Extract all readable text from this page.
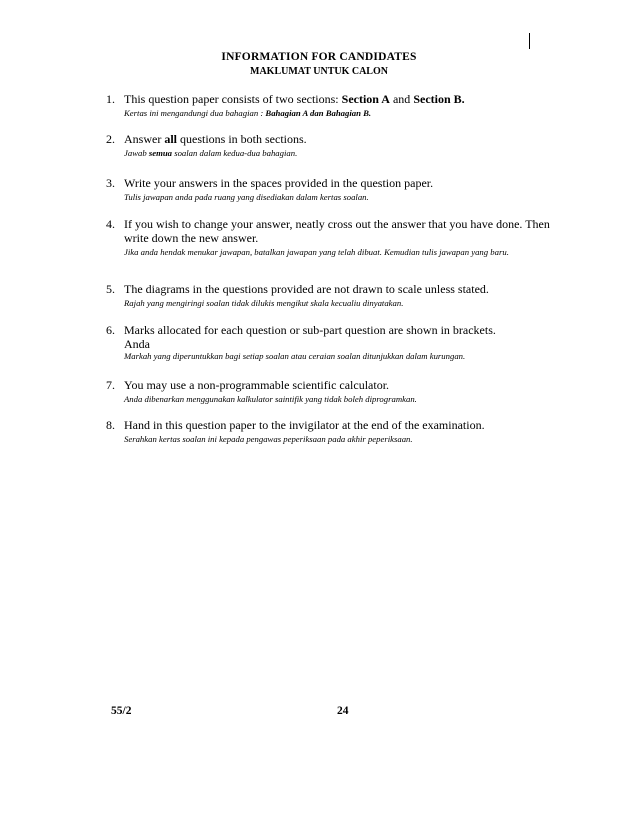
INFORMATION FOR CANDIDATES
MAKLUMAT UNTUK CALON
1. This question paper consists of two sections: Section A and Section B.
Kertas ini mengandungi dua bahagian : Bahagian A dan Bahagian B.
2. Answer all questions in both sections.
Jawab semua soalan dalam kedua-dua bahagian.
3. Write your answers in the spaces provided in the question paper.
Tulis jawapan anda pada ruang yang disediakan dalam kertas soalan.
4. If you wish to change your answer, neatly cross out the answer that you have done. Then write down the new answer.
Jika anda hendak menukar jawapan, batalkan jawapan yang telah dibuat. Kemudian tulis jawapan yang baru.
5. The diagrams in the questions provided are not drawn to scale unless stated.
Rajah yang mengiringi soalan tidak dilukis mengikut skala kecualiu dinyatakan.
6. Marks allocated for each question or sub-part question are shown in brackets.
Anda
Markah yang diperuntukkan bagi setiap soalan atau ceraian soalan ditunjukkan dalam kurungan.
7. You may use a non-programmable scientific calculator.
Anda dibenarkan menggunakan kalkulator saintifik yang tidak boleh diprogramkan.
8. Hand in this question paper to the invigilator at the end of the examination.
Serahkan kertas soalan ini kepada pengawas peperiksaan pada akhir peperiksaan.
55/2	24
